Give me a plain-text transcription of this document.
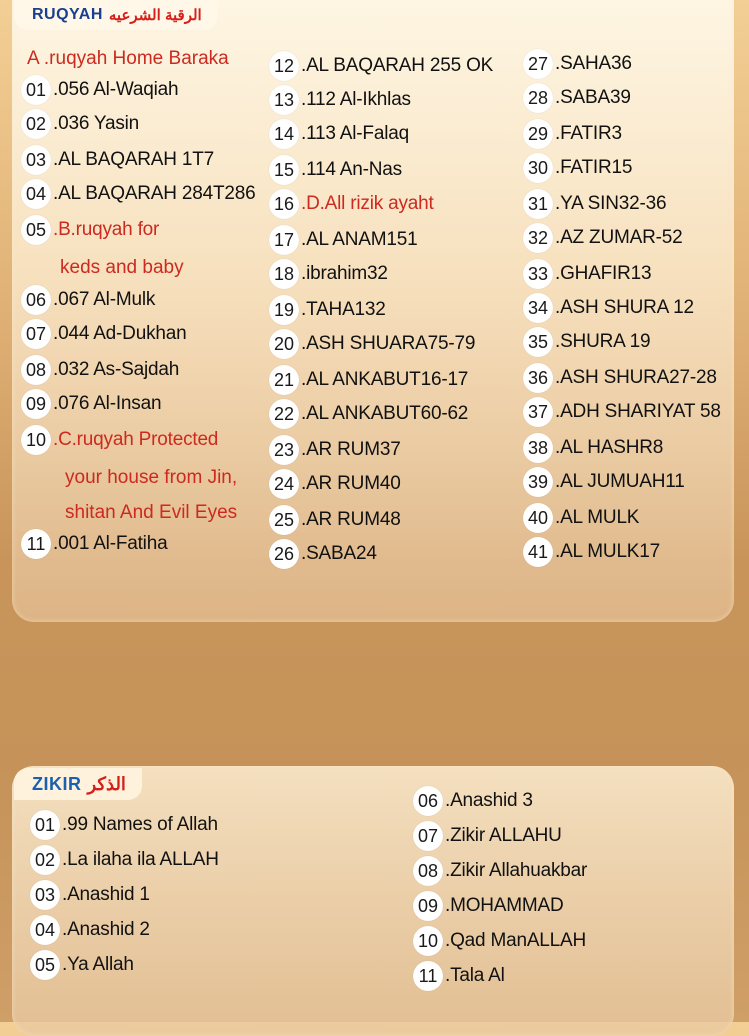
RUQYAH الرقية الشرعيه
A .ruqyah Home Baraka
01 .056 Al-Waqiah
02 .036 Yasin
03 .AL BAQARAH 1T7
04 .AL BAQARAH 284T286
05 .B.ruqyah for
06 .067 Al-Mulk
07 .044 Ad-Dukhan
08 .032 As-Sajdah
09 .076 Al-Insan
10 .C.ruqyah Protected
11 .001 Al-Fatiha
12 .AL BAQARAH 255 OK
13 .112 Al-Ikhlas
14 .113 Al-Falaq
15 .114 An-Nas
16 .D.All rizik ayaht
17 .AL ANAM151
18 .ibrahim32
19 .TAHA132
20 .ASH SHUARA75-79
21 .AL ANKABUT16-17
22 .AL ANKABUT60-62
23 .AR RUM37
24 .AR RUM40
25 .AR RUM48
26 .SABA24
27 .SAHA36
28 .SABA39
29 .FATIR3
30 .FATIR15
31 .YA SIN32-36
32 .AZ ZUMAR-52
33 .GHAFIR13
34 .ASH SHURA 12
35 .SHURA 19
36 .ASH SHURA27-28
37 .ADH SHARIYAT 58
38 .AL HASHR8
39 .AL JUMUAH11
40 .AL MULK
41 .AL MULK17
keds and baby
your house from Jin,
shitan And Evil Eyes
ZIKIR الذكر
01 .99 Names of Allah
02 .La ilaha ila ALLAH
03 .Anashid 1
04 .Anashid 2
05 .Ya Allah
06 .Anashid 3
07 .Zikir ALLAHU
08 .Zikir Allahuakbar
09 .MOHAMMAD
10 .Qad ManALLAH
11 .Tala Al
